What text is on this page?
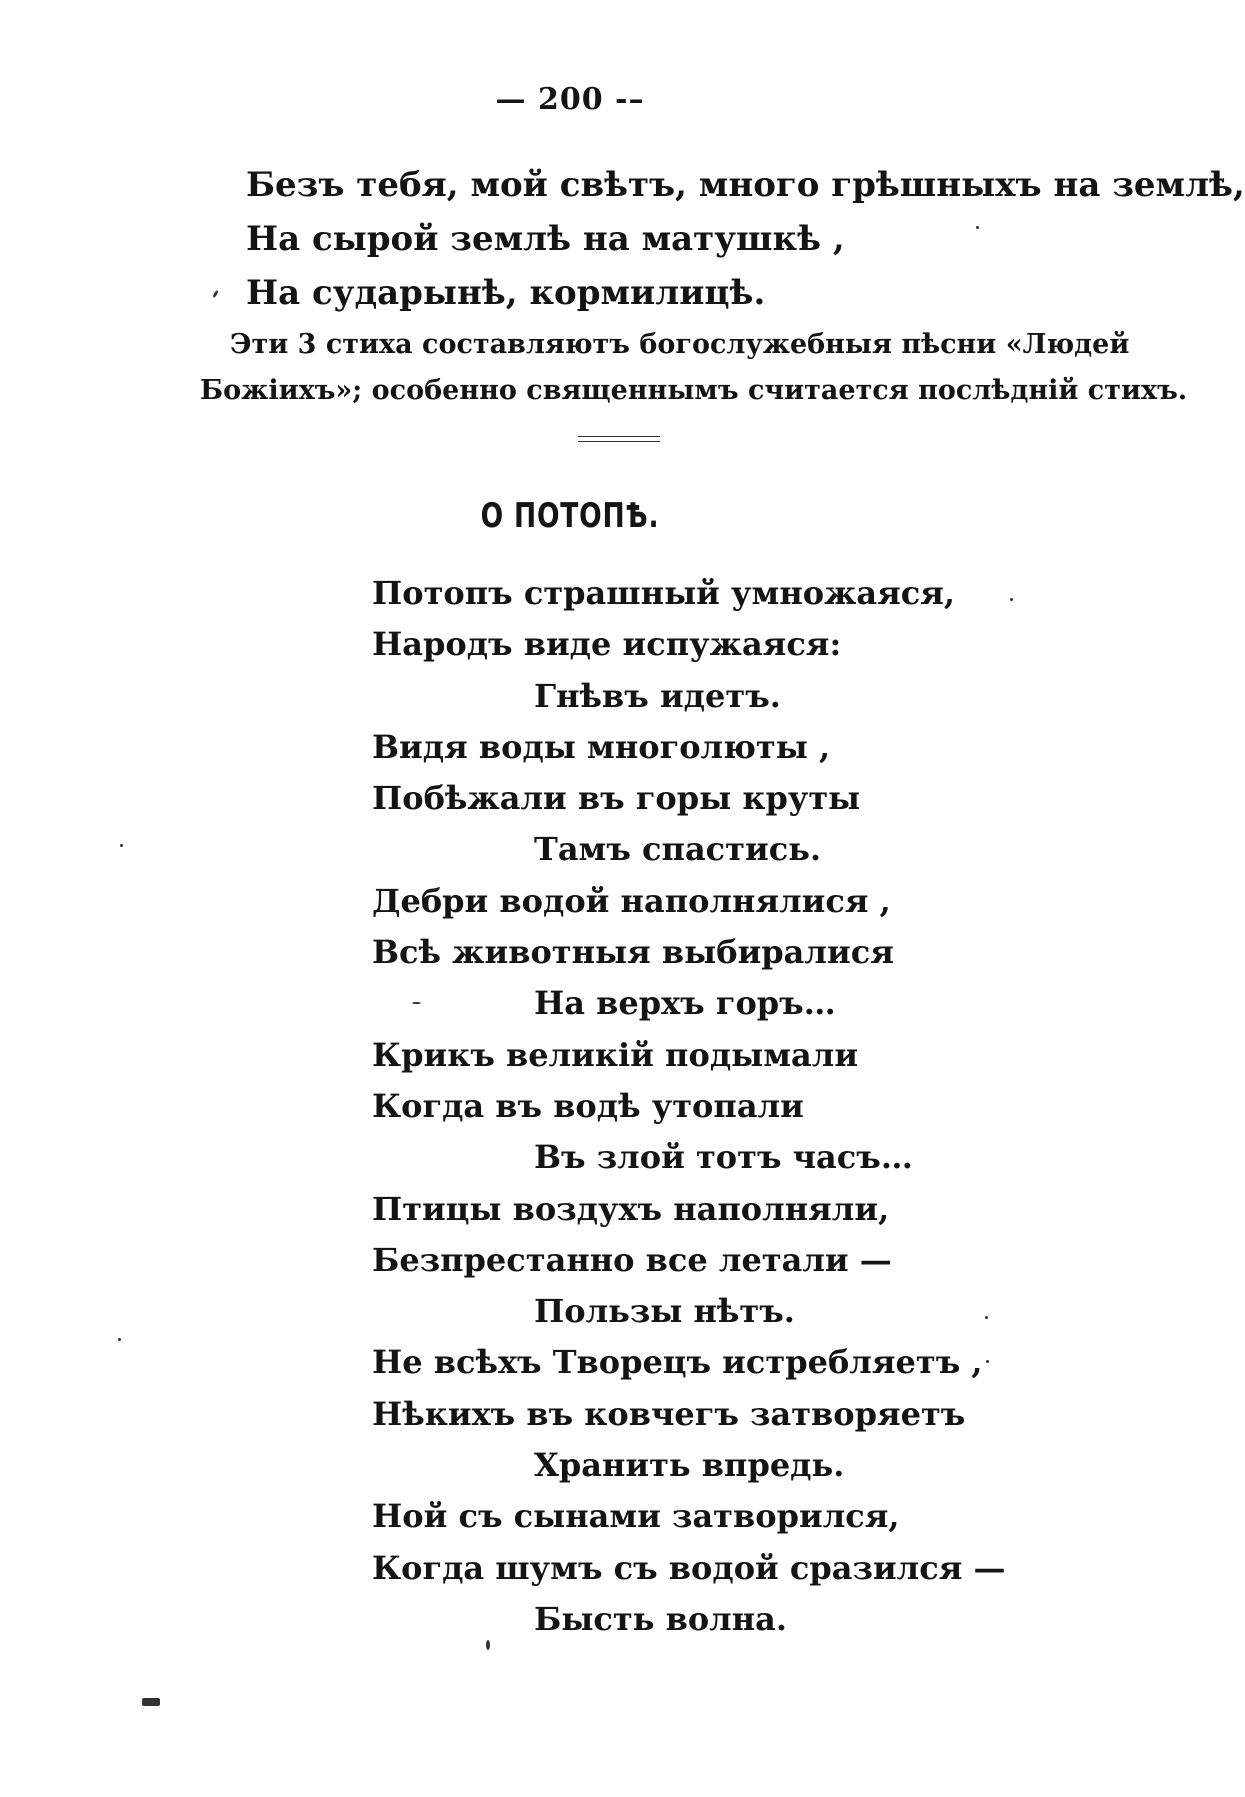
— 200 -–
Безъ тебя, мой свѣтъ, много грѣшныхъ на землѣ,
На сырой землѣ на матушкѣ ,
На сударынѣ, кормилицѣ.
Эти 3 стиха составляютъ богослужебныя пѣсни «Людей
Божіихъ»; особенно священнымъ считается послѣдній стихъ.
О ПОТОПѢ.
Потопъ страшный умножаяся,
Народъ виде испужаяся:
Гнѣвъ идетъ.
Видя воды многолюты ,
Побѣжали въ горы круты
Тамъ спастись.
Дебри водой наполнялися ,
Всѣ животныя выбиралися
На верхъ горъ…
Крикъ великій подымали
Когда въ водѣ утопали
Въ злой тотъ часъ…
Птицы воздухъ наполняли,
Безпрестанно все летали —
Пользы нѣтъ.
Не всѣхъ Творецъ истребляетъ ,
Нѣкихъ въ ковчегъ затворяетъ
Хранить впредь.
Ной съ сынами затворился,
Когда шумъ съ водой сразился —
Бысть волна.
